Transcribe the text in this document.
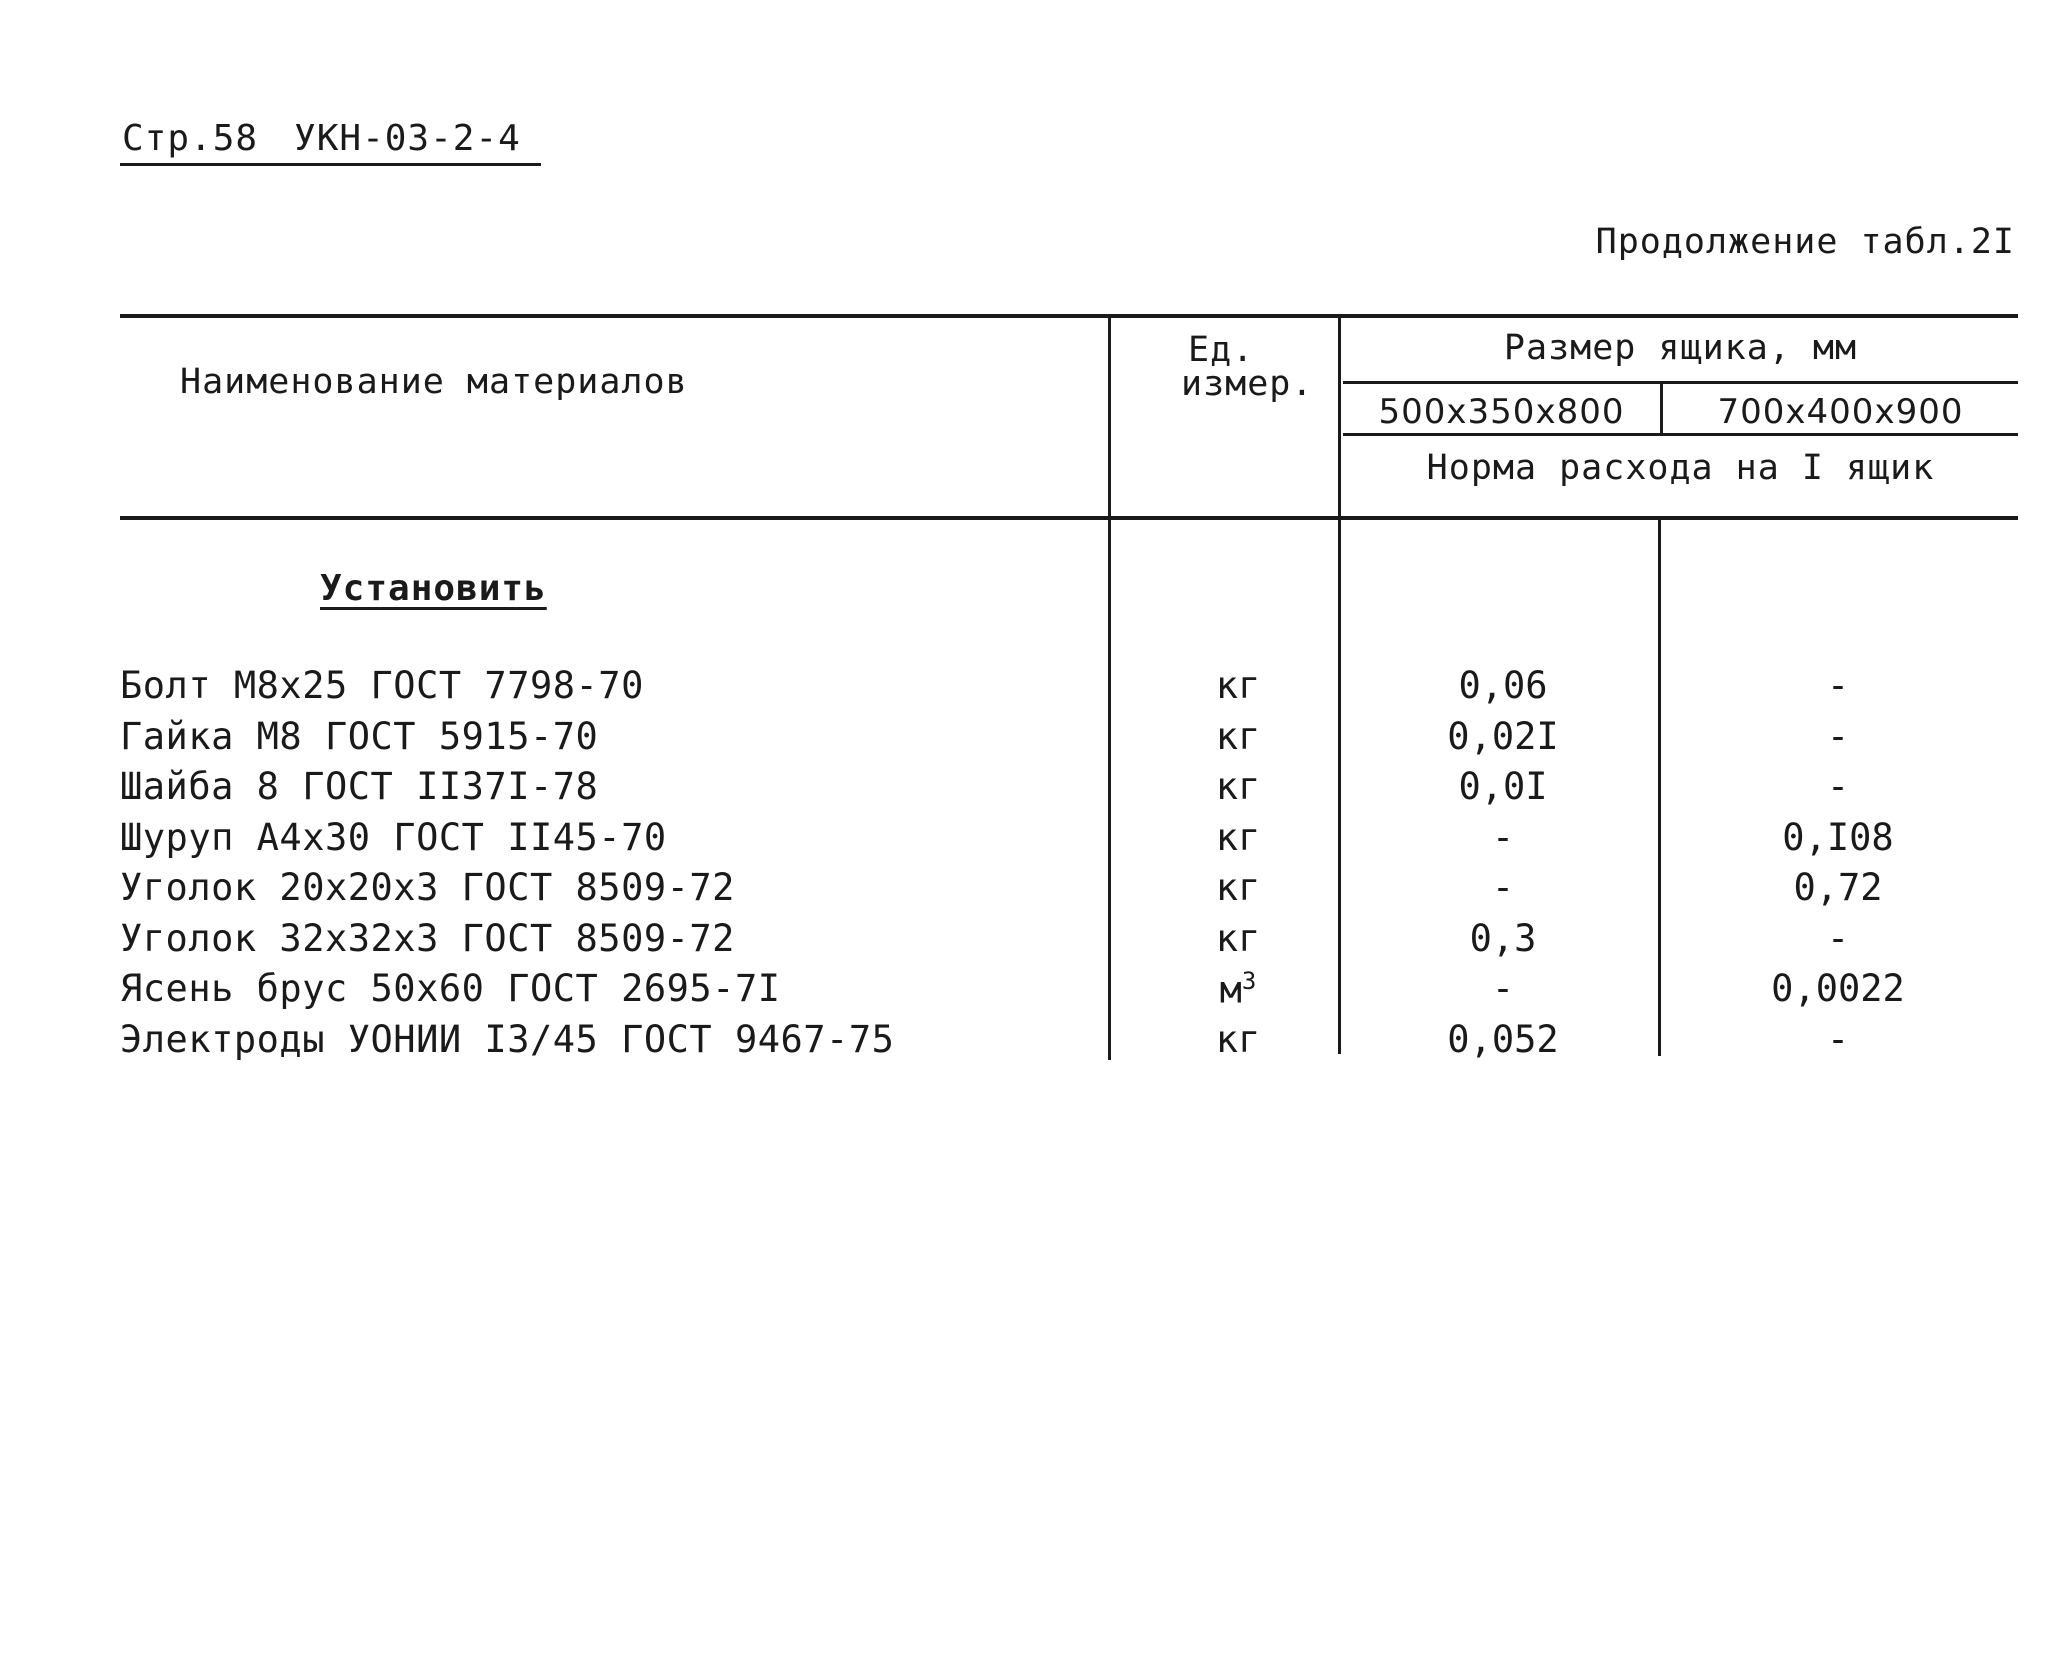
Стр.58 УКН-03-2-4
Продолжение табл.2I
Наименование материалов
Ед.
измер.
Размер ящика, мм
500x350x800	700x400x900
Норма расхода на I ящик
Установить
Болт М8х25 ГОСТ 7798-70	кг	0,06	-
Гайка М8 ГОСТ 5915-70	кг	0,02I	-
Шайба 8 ГОСТ II37I-78	кг	0,0I	-
Шуруп А4х30 ГОСТ II45-70	кг	-	0,I08
Уголок 20х20х3 ГОСТ 8509-72	кг	-	0,72
Уголок 32х32х3 ГОСТ 8509-72	кг	0,3	-
Ясень брус 50х60 ГОСТ 2695-7I	$м^3$	-	0,0022
Электроды УОНИИ I3/45 ГОСТ 9467-75	кг	0,052	-
